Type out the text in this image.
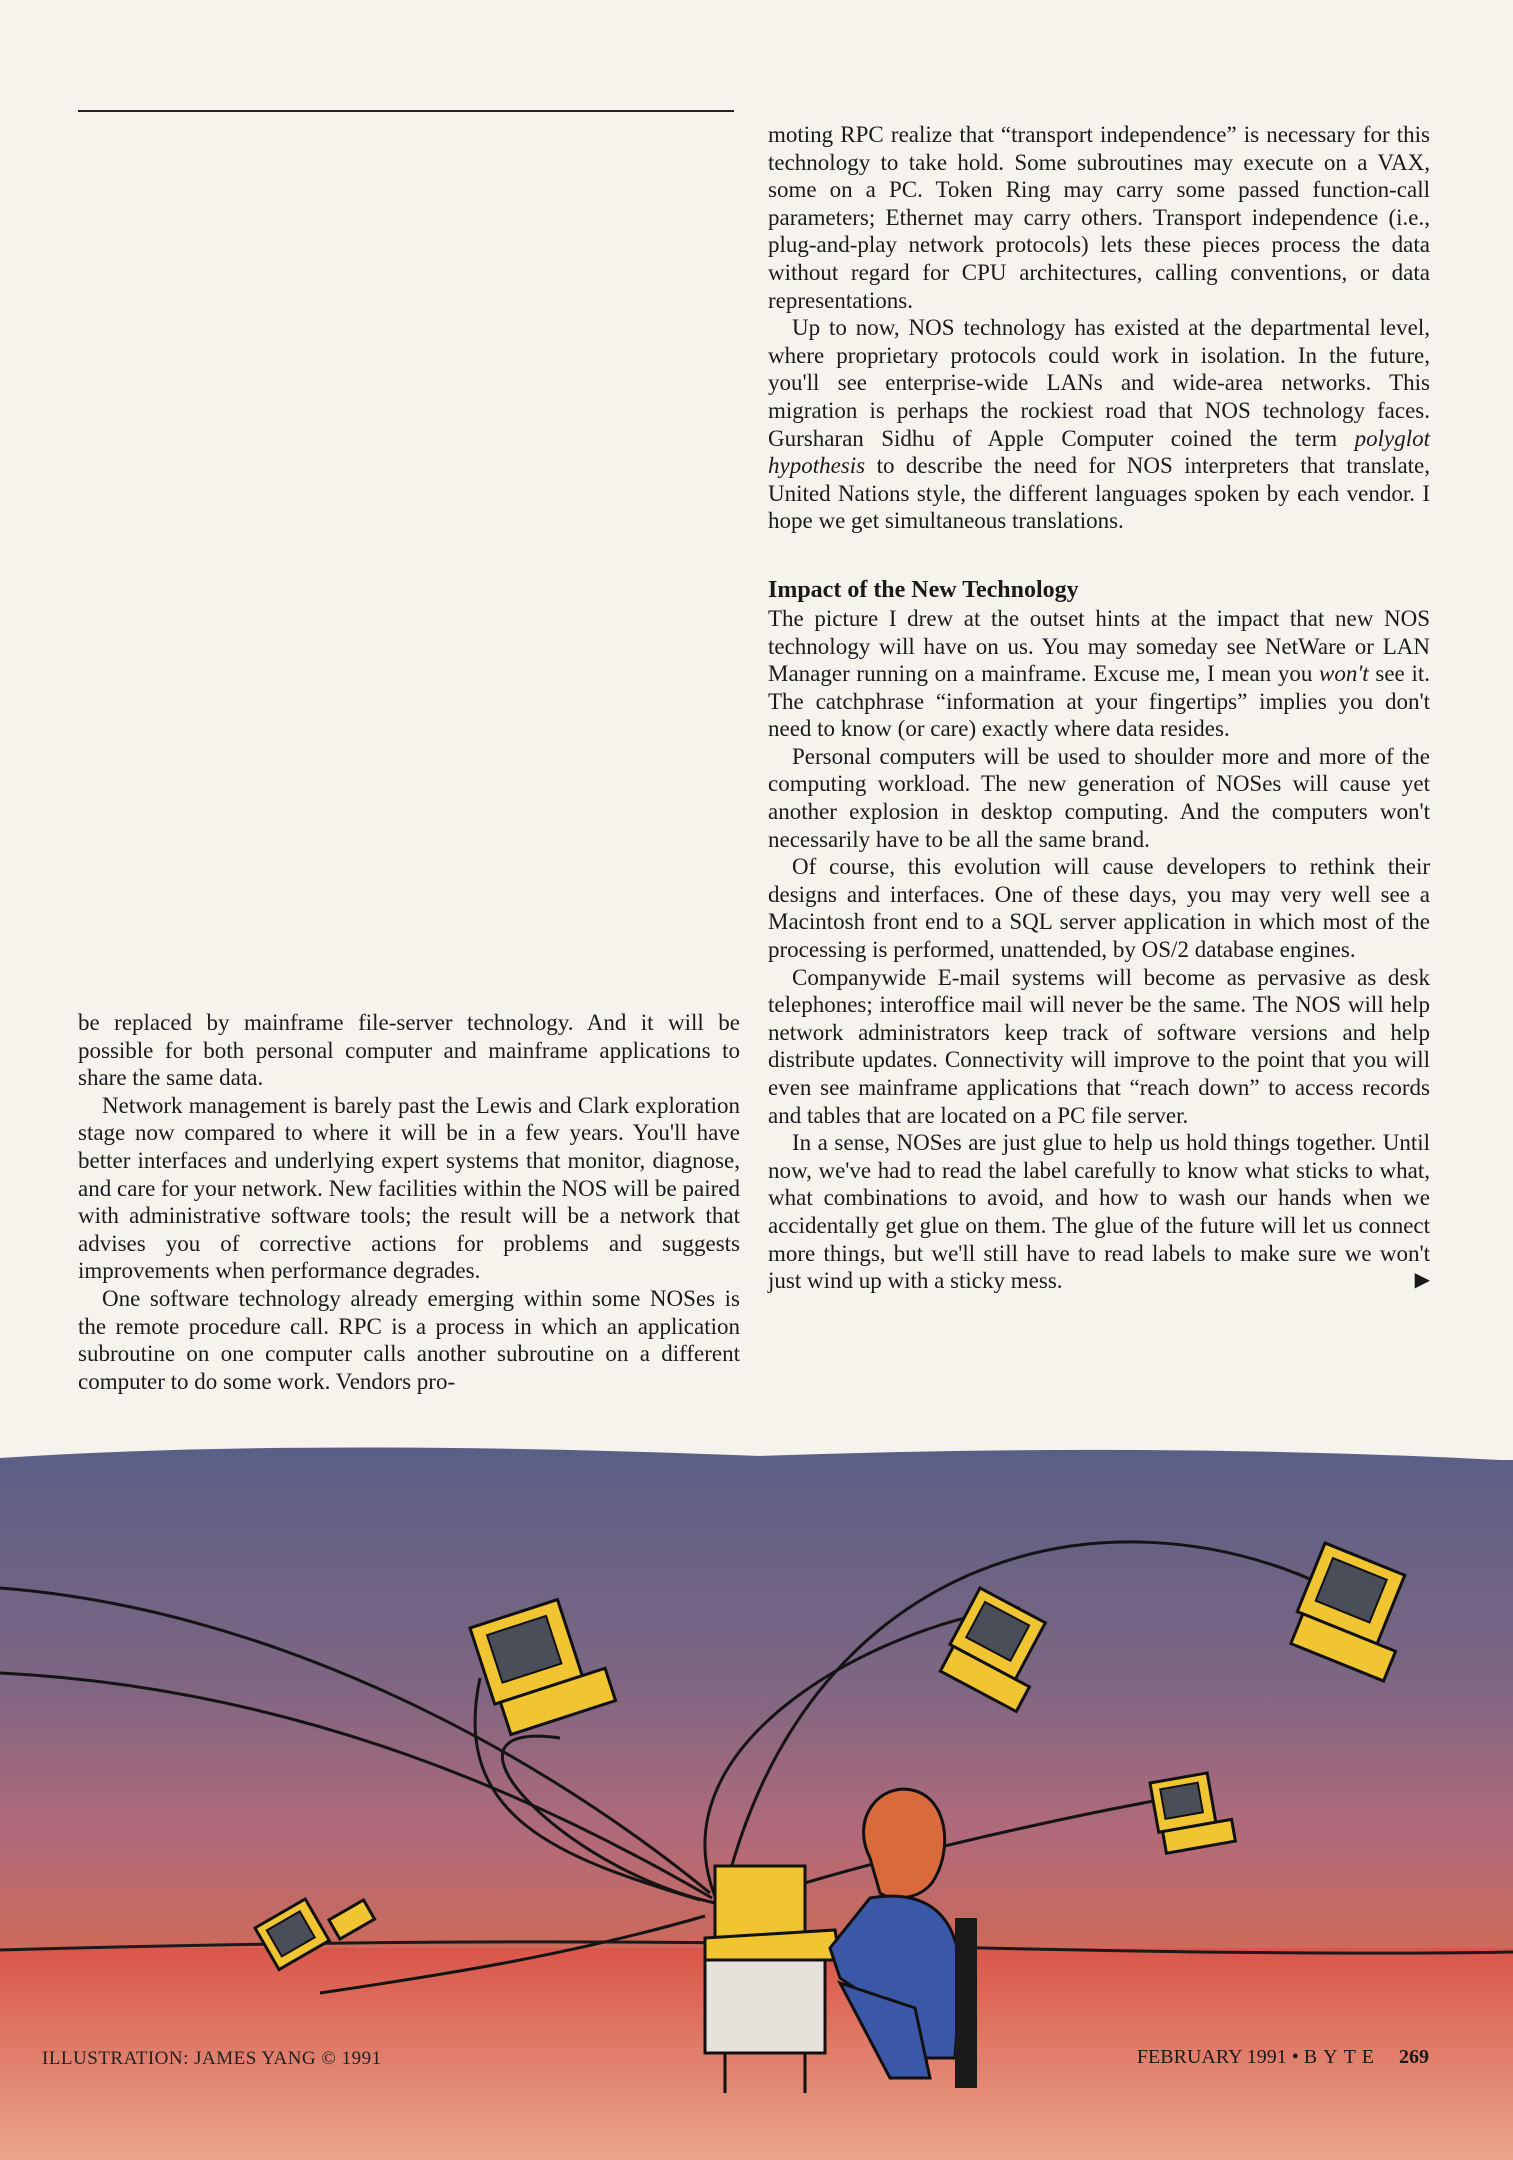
be replaced by mainframe file-server technology. And it will be possible for both personal computer and mainframe applications to share the same data.

Network management is barely past the Lewis and Clark exploration stage now compared to where it will be in a few years. You'll have better interfaces and underlying expert systems that monitor, diagnose, and care for your network. New facilities within the NOS will be paired with administrative software tools; the result will be a network that advises you of corrective actions for problems and suggests improvements when performance degrades.

One software technology already emerging within some NOSes is the remote procedure call. RPC is a process in which an application subroutine on one computer calls another subroutine on a different computer to do some work. Vendors pro-

moting RPC realize that “transport independence” is necessary for this technology to take hold. Some subroutines may execute on a VAX, some on a PC. Token Ring may carry some passed function-call parameters; Ethernet may carry others. Transport independence (i.e., plug-and-play network protocols) lets these pieces process the data without regard for CPU architectures, calling conventions, or data representations.

Up to now, NOS technology has existed at the departmental level, where proprietary protocols could work in isolation. In the future, you'll see enterprise-wide LANs and wide-area networks. This migration is perhaps the rockiest road that NOS technology faces. Gursharan Sidhu of Apple Computer coined the term polyglot hypothesis to describe the need for NOS interpreters that translate, United Nations style, the different languages spoken by each vendor. I hope we get simultaneous translations.

Impact of the New Technology

The picture I drew at the outset hints at the impact that new NOS technology will have on us. You may someday see NetWare or LAN Manager running on a mainframe. Excuse me, I mean you won't see it. The catchphrase “information at your fingertips” implies you don't need to know (or care) exactly where data resides.

Personal computers will be used to shoulder more and more of the computing workload. The new generation of NOSes will cause yet another explosion in desktop computing. And the computers won't necessarily have to be all the same brand.

Of course, this evolution will cause developers to rethink their designs and interfaces. One of these days, you may very well see a Macintosh front end to a SQL server application in which most of the processing is performed, unattended, by OS/2 database engines.

Companywide E-mail systems will become as pervasive as desk telephones; interoffice mail will never be the same. The NOS will help network administrators keep track of software versions and help distribute updates. Connectivity will improve to the point that you will even see mainframe applications that “reach down” to access records and tables that are located on a PC file server.

In a sense, NOSes are just glue to help us hold things together. Until now, we've had to read the label carefully to know what sticks to what, what combinations to avoid, and how to wash our hands when we accidentally get glue on them. The glue of the future will let us connect more things, but we'll still have to read labels to make sure we won't just wind up with a sticky mess.	▶

ILLUSTRATION: JAMES YANG © 1991	FEBRUARY 1991 • BYTE 269
